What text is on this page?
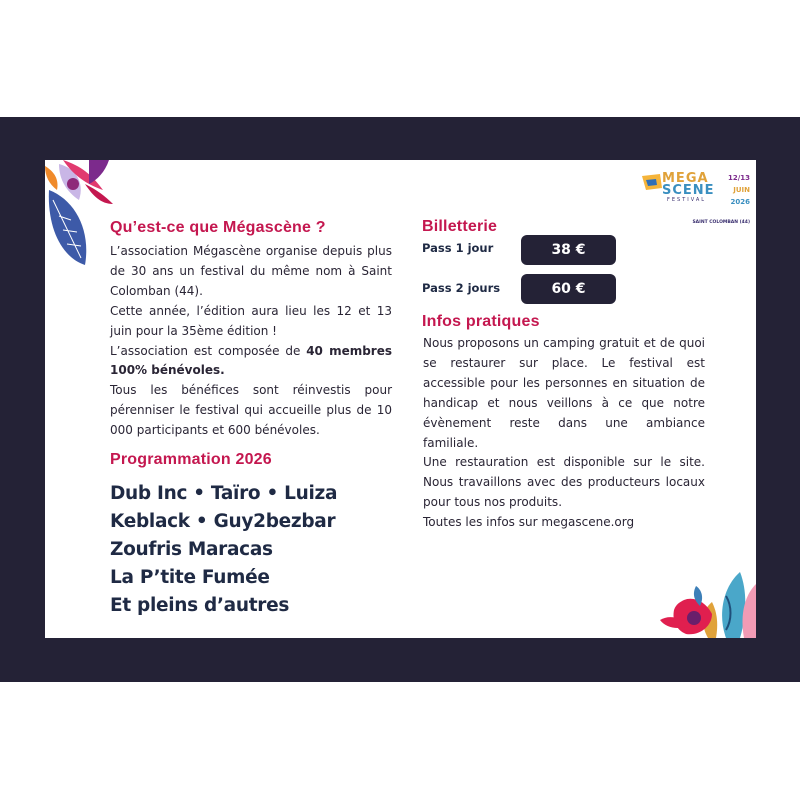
MEGA
SCENE
FESTIVAL
12/13
JUIN
2026
SAINT COLOMBAN (44)
Qu’est-ce que Mégascène ?

L’association Mégascène organise depuis plus de 30 ans un festival du même nom à Saint Colomban (44).

Cette année, l’édition aura lieu les 12 et 13 juin pour la 35ème édition !

L’association est composée de 40 membres 100% bénévoles.

Tous les bénéfices sont réinvestis pour pérenniser le festival qui accueille plus de 10 000 participants et 600 bénévoles.

Programmation 2026
Dub Inc • Taïro • Luiza
Keblack • Guy2bezbar
Zoufris Maracas
La P’tite Fumée
Et pleins d’autres
Billetterie
Pass 1 jour	38 €
Pass 2 jours	60 €
Infos pratiques

Nous proposons un camping gratuit et de quoi se restaurer sur place. Le festival est accessible pour les personnes en situation de handicap et nous veillons à ce que notre évènement reste dans une ambiance familiale.

Une restauration est disponible sur le site. Nous travaillons avec des producteurs locaux pour tous nos produits.

Toutes les infos sur megascene.org
